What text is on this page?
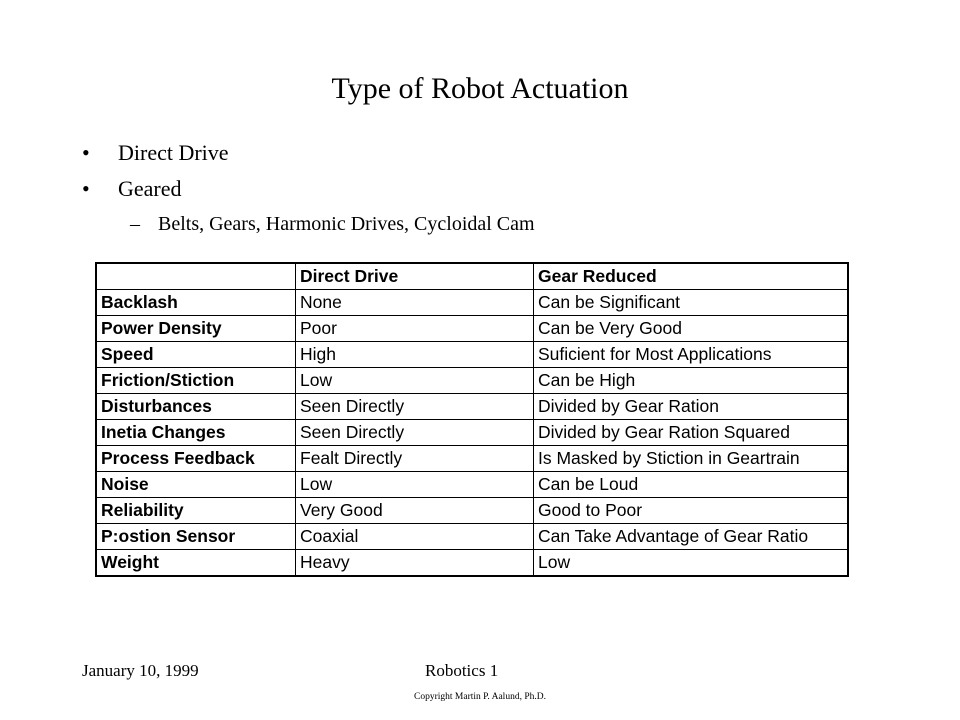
Type of Robot Actuation
• Direct Drive
• Geared
– Belts, Gears, Harmonic Drives, Cycloidal Cam
	Direct Drive	Gear Reduced
Backlash	None	Can be Significant
Power Density	Poor	Can be Very Good
Speed	High	Suficient for Most Applications
Friction/Stiction	Low	Can be High
Disturbances	Seen Directly	Divided by Gear Ration
Inetia Changes	Seen Directly	Divided by Gear Ration Squared
Process Feedback	Fealt Directly	Is Masked by Stiction in Geartrain
Noise	Low	Can be Loud
Reliability	Very Good	Good to Poor
P:ostion Sensor	Coaxial	Can Take Advantage of Gear Ratio
Weight	Heavy	Low
January 10, 1999	Robotics 1
Copyright Martin P. Aalund, Ph.D.
